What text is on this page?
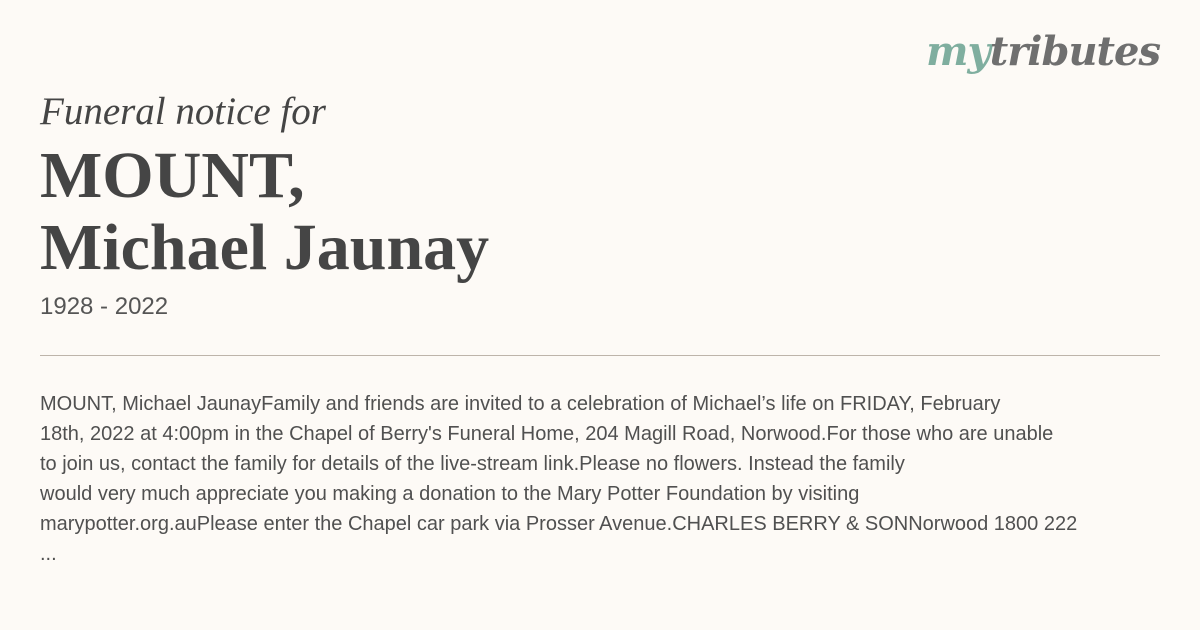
mytributes

Funeral notice for

MOUNT,
Michael Jaunay

1928 - 2022

MOUNT, Michael JaunayFamily and friends are invited to a celebration of Michael’s life on FRIDAY, February
18th, 2022 at 4:00pm in the Chapel of Berry's Funeral Home, 204 Magill Road, Norwood.For those who are unable
to join us, contact the family for details of the live-stream link.Please no flowers. Instead the family
would very much appreciate you making a donation to the Mary Potter Foundation by visiting
marypotter.org.auPlease enter the Chapel car park via Prosser Avenue.CHARLES BERRY & SONNorwood 1800 222
...
